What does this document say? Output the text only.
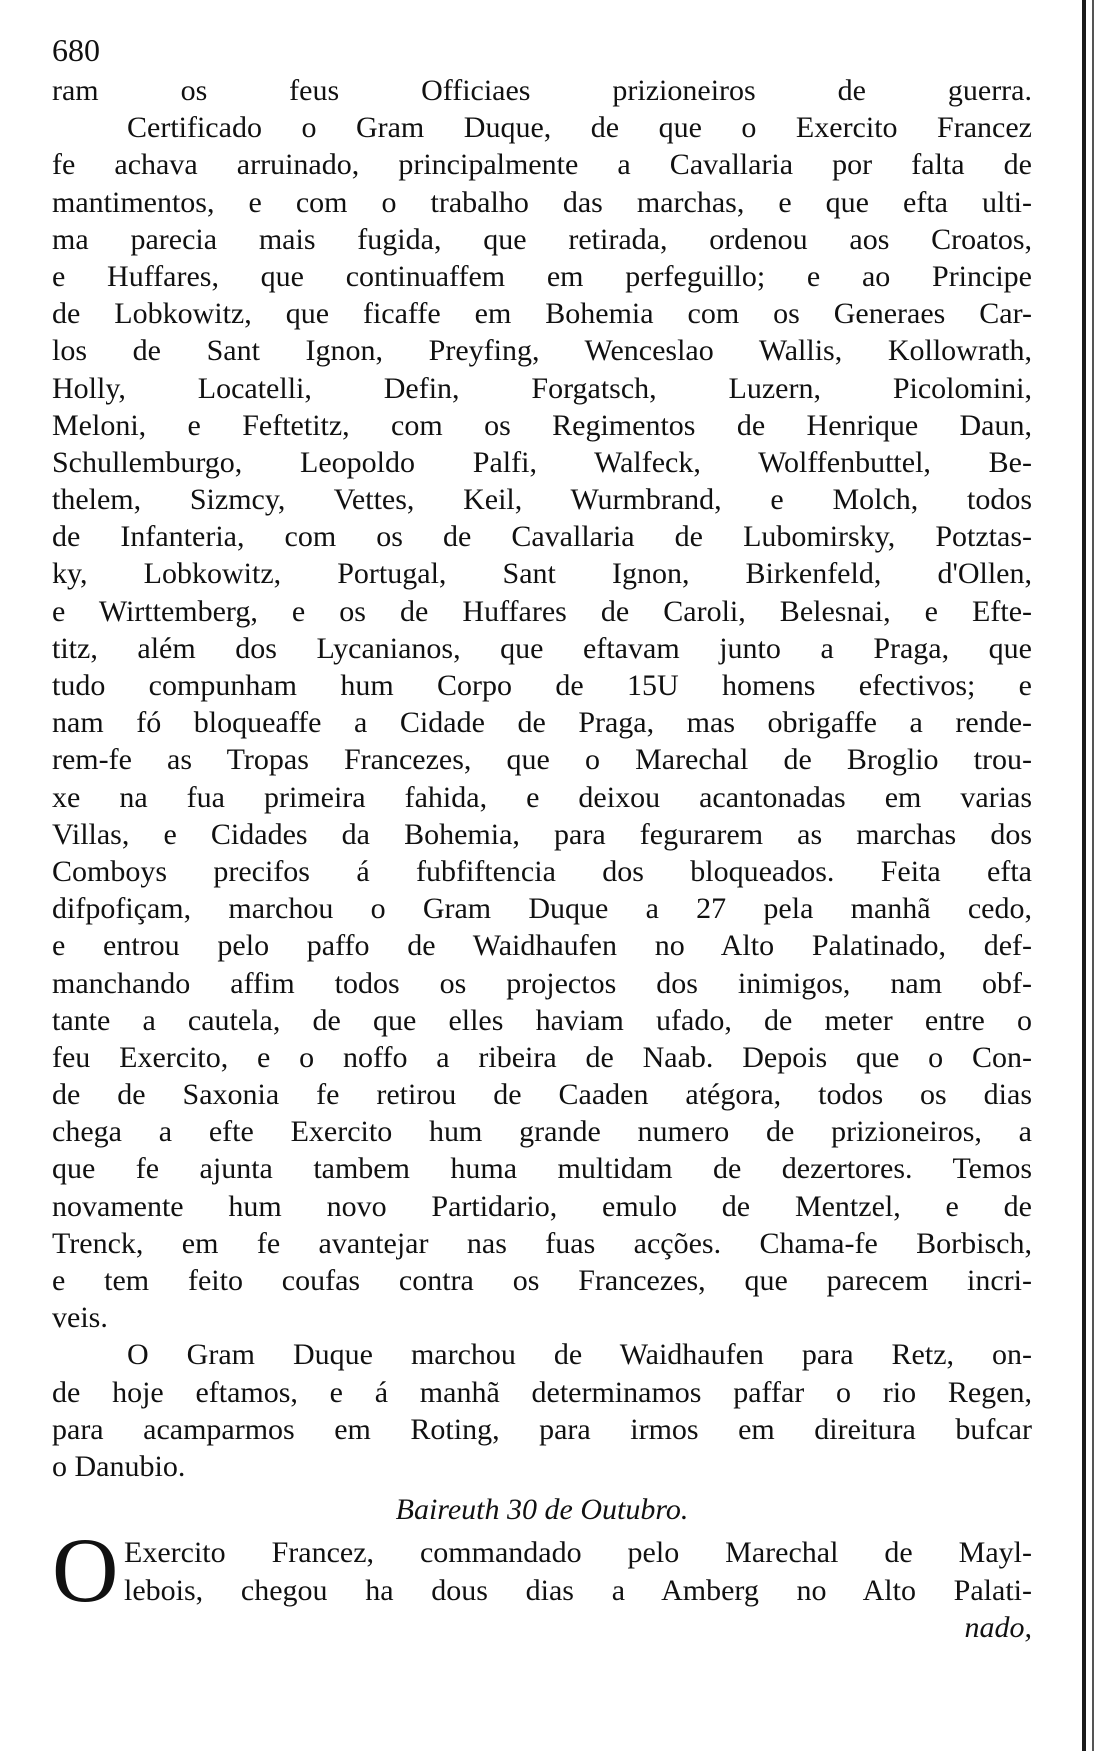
680
ram os feus Officiaes prizioneiros de guerra.
Certificado o Gram Duque, de que o Exercito Francez
fe achava arruinado, principalmente a Cavallaria por falta de
mantimentos, e com o trabalho das marchas, e que efta ulti-
ma parecia mais fugida, que retirada, ordenou aos Croatos,
e Huffares, que continuaffem em perfeguillo; e ao Principe
de Lobkowitz, que ficaffe em Bohemia com os Generaes Car-
los de Sant Ignon, Preyfing, Wenceslao Wallis, Kollowrath,
Holly, Locatelli, Defin, Forgatsch, Luzern, Picolomini,
Meloni, e Feftetitz, com os Regimentos de Henrique Daun,
Schullemburgo, Leopoldo Palfi, Walfeck, Wolffenbuttel, Be-
thelem, Sizmcy, Vettes, Keil, Wurmbrand, e Molch, todos
de Infanteria, com os de Cavallaria de Lubomirsky, Potztas-
ky, Lobkowitz, Portugal, Sant Ignon, Birkenfeld, d'Ollen,
e Wirttemberg, e os de Huffares de Caroli, Belesnai, e Efte-
titz, além dos Lycanianos, que eftavam junto a Praga, que
tudo compunham hum Corpo de 15U homens efectivos; e
nam fó bloqueaffe a Cidade de Praga, mas obrigaffe a rende-
rem-fe as Tropas Francezes, que o Marechal de Broglio trou-
xe na fua primeira fahida, e deixou acantonadas em varias
Villas, e Cidades da Bohemia, para fegurarem as marchas dos
Comboys precifos á fubfiftencia dos bloqueados. Feita efta
difpofiçam, marchou o Gram Duque a 27 pela manhã cedo,
e entrou pelo paffo de Waidhaufen no Alto Palatinado, def-
manchando affim todos os projectos dos inimigos, nam obf-
tante a cautela, de que elles haviam ufado, de meter entre o
feu Exercito, e o noffo a ribeira de Naab. Depois que o Con-
de de Saxonia fe retirou de Caaden atégora, todos os dias
chega a efte Exercito hum grande numero de prizioneiros, a
que fe ajunta tambem huma multidam de dezertores. Temos
novamente hum novo Partidario, emulo de Mentzel, e de
Trenck, em fe avantejar nas fuas acções. Chama-fe Borbisch,
e tem feito coufas contra os Francezes, que parecem incri-
veis.
O Gram Duque marchou de Waidhaufen para Retz, on-
de hoje eftamos, e á manhã determinamos paffar o rio Regen,
para acamparmos em Roting, para irmos em direitura bufcar
o Danubio.
Baireuth 30 de Outubro.
O Exercito Francez, commandado pelo Marechal de Mayl-
lebois, chegou ha dous dias a Amberg no Alto Palati-
nado,
